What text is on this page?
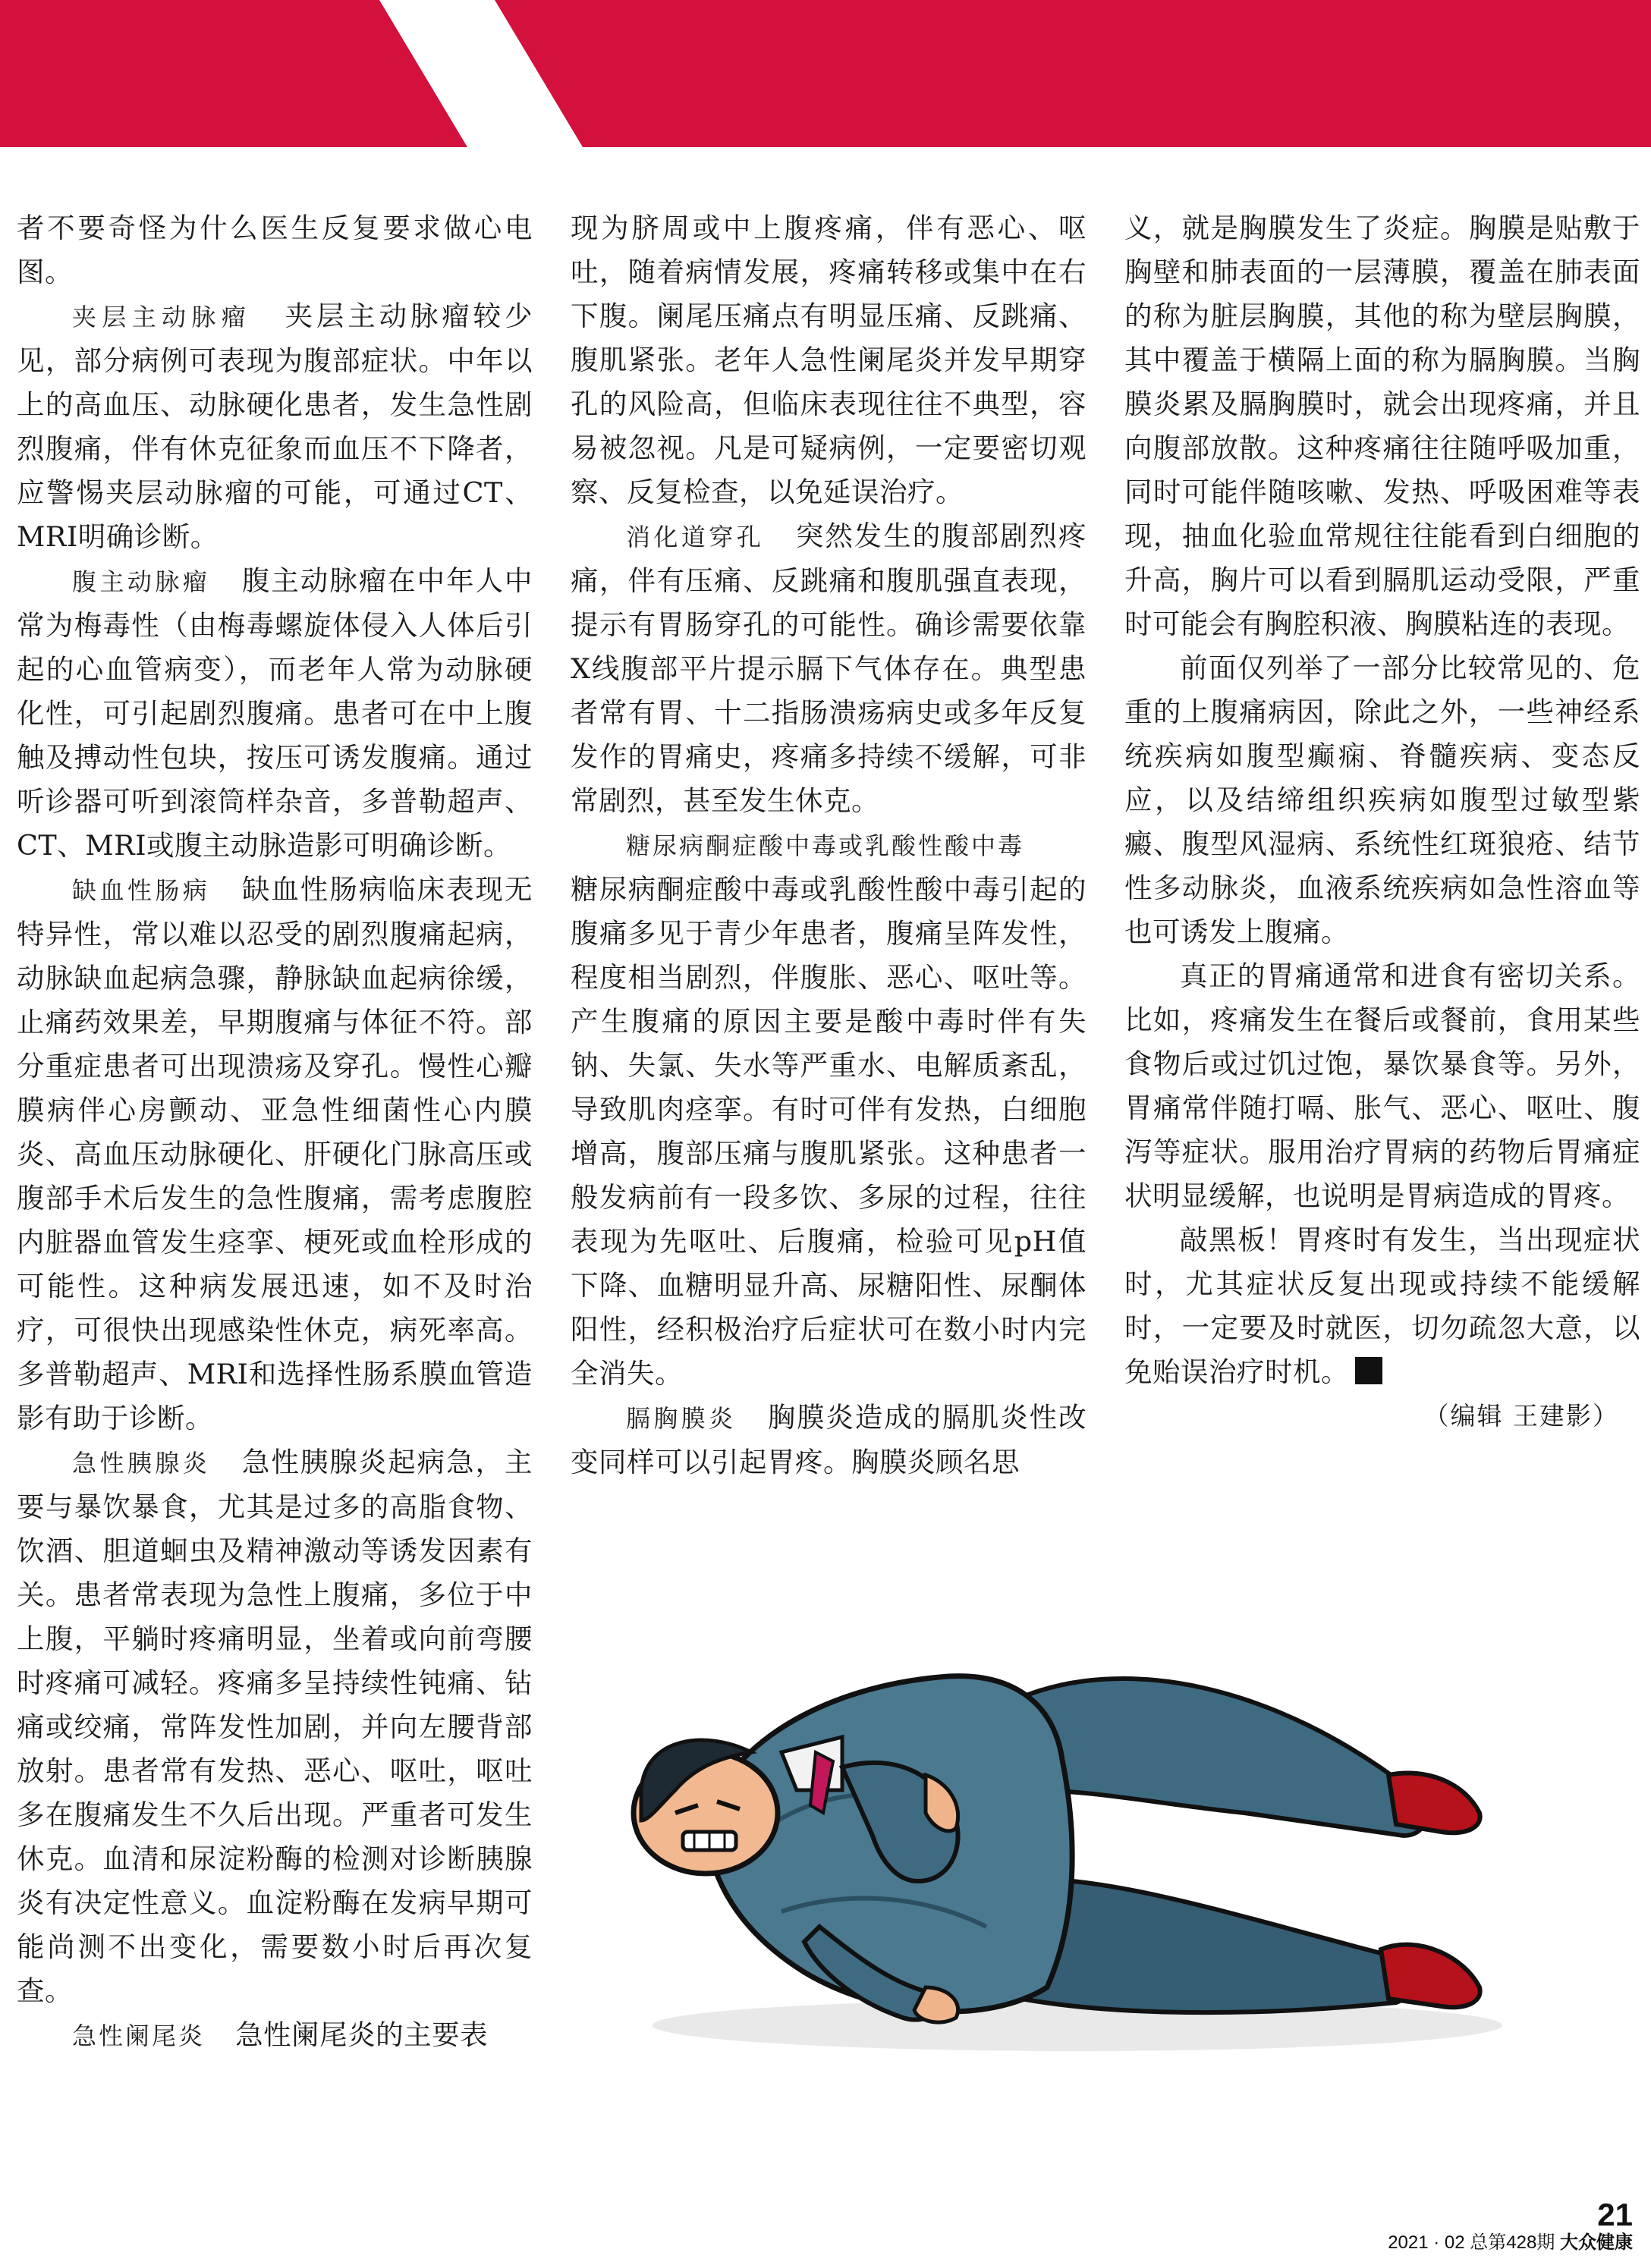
者不要奇怪为什么医生反复要求做心电图。

夹层主动脉瘤 夹层主动脉瘤较少见，部分病例可表现为腹部症状。中年以上的高血压、动脉硬化患者，发生急性剧烈腹痛，伴有休克征象而血压不下降者，应警惕夹层动脉瘤的可能，可通过CT、MRI明确诊断。

腹主动脉瘤 腹主动脉瘤在中年人中常为梅毒性（由梅毒螺旋体侵入人体后引起的心血管病变），而老年人常为动脉硬化性，可引起剧烈腹痛。患者可在中上腹触及搏动性包块，按压可诱发腹痛。通过听诊器可听到滚筒样杂音，多普勒超声、CT、MRI或腹主动脉造影可明确诊断。

缺血性肠病 缺血性肠病临床表现无特异性，常以难以忍受的剧烈腹痛起病，动脉缺血起病急骤，静脉缺血起病徐缓，止痛药效果差，早期腹痛与体征不符。部分重症患者可出现溃疡及穿孔。慢性心瓣膜病伴心房颤动、亚急性细菌性心内膜炎、高血压动脉硬化、肝硬化门脉高压或腹部手术后发生的急性腹痛，需考虑腹腔内脏器血管发生痉挛、梗死或血栓形成的可能性。这种病发展迅速，如不及时治疗，可很快出现感染性休克，病死率高。多普勒超声、MRI和选择性肠系膜血管造影有助于诊断。

急性胰腺炎 急性胰腺炎起病急，主要与暴饮暴食，尤其是过多的高脂食物、饮酒、胆道蛔虫及精神激动等诱发因素有关。患者常表现为急性上腹痛，多位于中上腹，平躺时疼痛明显，坐着或向前弯腰时疼痛可减轻。疼痛多呈持续性钝痛、钻痛或绞痛，常阵发性加剧，并向左腰背部放射。患者常有发热、恶心、呕吐，呕吐多在腹痛发生不久后出现。严重者可发生休克。血清和尿淀粉酶的检测对诊断胰腺炎有决定性意义。血淀粉酶在发病早期可能尚测不出变化，需要数小时后再次复查。

急性阑尾炎 急性阑尾炎的主要表

现为脐周或中上腹疼痛，伴有恶心、呕吐，随着病情发展，疼痛转移或集中在右下腹。阑尾压痛点有明显压痛、反跳痛、腹肌紧张。老年人急性阑尾炎并发早期穿孔的风险高，但临床表现往往不典型，容易被忽视。凡是可疑病例，一定要密切观察、反复检查，以免延误治疗。

消化道穿孔 突然发生的腹部剧烈疼痛，伴有压痛、反跳痛和腹肌强直表现，提示有胃肠穿孔的可能性。确诊需要依靠X线腹部平片提示膈下气体存在。典型患者常有胃、十二指肠溃疡病史或多年反复发作的胃痛史，疼痛多持续不缓解，可非常剧烈，甚至发生休克。

糖尿病酮症酸中毒或乳酸性酸中毒

糖尿病酮症酸中毒或乳酸性酸中毒引起的腹痛多见于青少年患者，腹痛呈阵发性，程度相当剧烈，伴腹胀、恶心、呕吐等。产生腹痛的原因主要是酸中毒时伴有失钠、失氯、失水等严重水、电解质紊乱，导致肌肉痉挛。有时可伴有发热，白细胞增高，腹部压痛与腹肌紧张。这种患者一般发病前有一段多饮、多尿的过程，往往表现为先呕吐、后腹痛，检验可见pH值下降、血糖明显升高、尿糖阳性、尿酮体阳性，经积极治疗后症状可在数小时内完全消失。

膈胸膜炎 胸膜炎造成的膈肌炎性改变同样可以引起胃疼。胸膜炎顾名思

义，就是胸膜发生了炎症。胸膜是贴敷于胸壁和肺表面的一层薄膜，覆盖在肺表面的称为脏层胸膜，其他的称为壁层胸膜，其中覆盖于横隔上面的称为膈胸膜。当胸膜炎累及膈胸膜时，就会出现疼痛，并且向腹部放散。这种疼痛往往随呼吸加重，同时可能伴随咳嗽、发热、呼吸困难等表现，抽血化验血常规往往能看到白细胞的升高，胸片可以看到膈肌运动受限，严重时可能会有胸腔积液、胸膜粘连的表现。

前面仅列举了一部分比较常见的、危重的上腹痛病因，除此之外，一些神经系统疾病如腹型癫痫、脊髓疾病、变态反应，以及结缔组织疾病如腹型过敏型紫癜、腹型风湿病、系统性红斑狼疮、结节性多动脉炎，血液系统疾病如急性溶血等也可诱发上腹痛。

真正的胃痛通常和进食有密切关系。比如，疼痛发生在餐后或餐前，食用某些食物后或过饥过饱，暴饮暴食等。另外，胃痛常伴随打嗝、胀气、恶心、呕吐、腹泻等症状。服用治疗胃病的药物后胃痛症状明显缓解，也说明是胃病造成的胃疼。

敲黑板！胃疼时有发生，当出现症状时，尤其症状反复出现或持续不能缓解时，一定要及时就医，切勿疏忽大意，以免贻误治疗时机。

（编辑 王建影）

21
2021 · 02 总第428期 大众健康
